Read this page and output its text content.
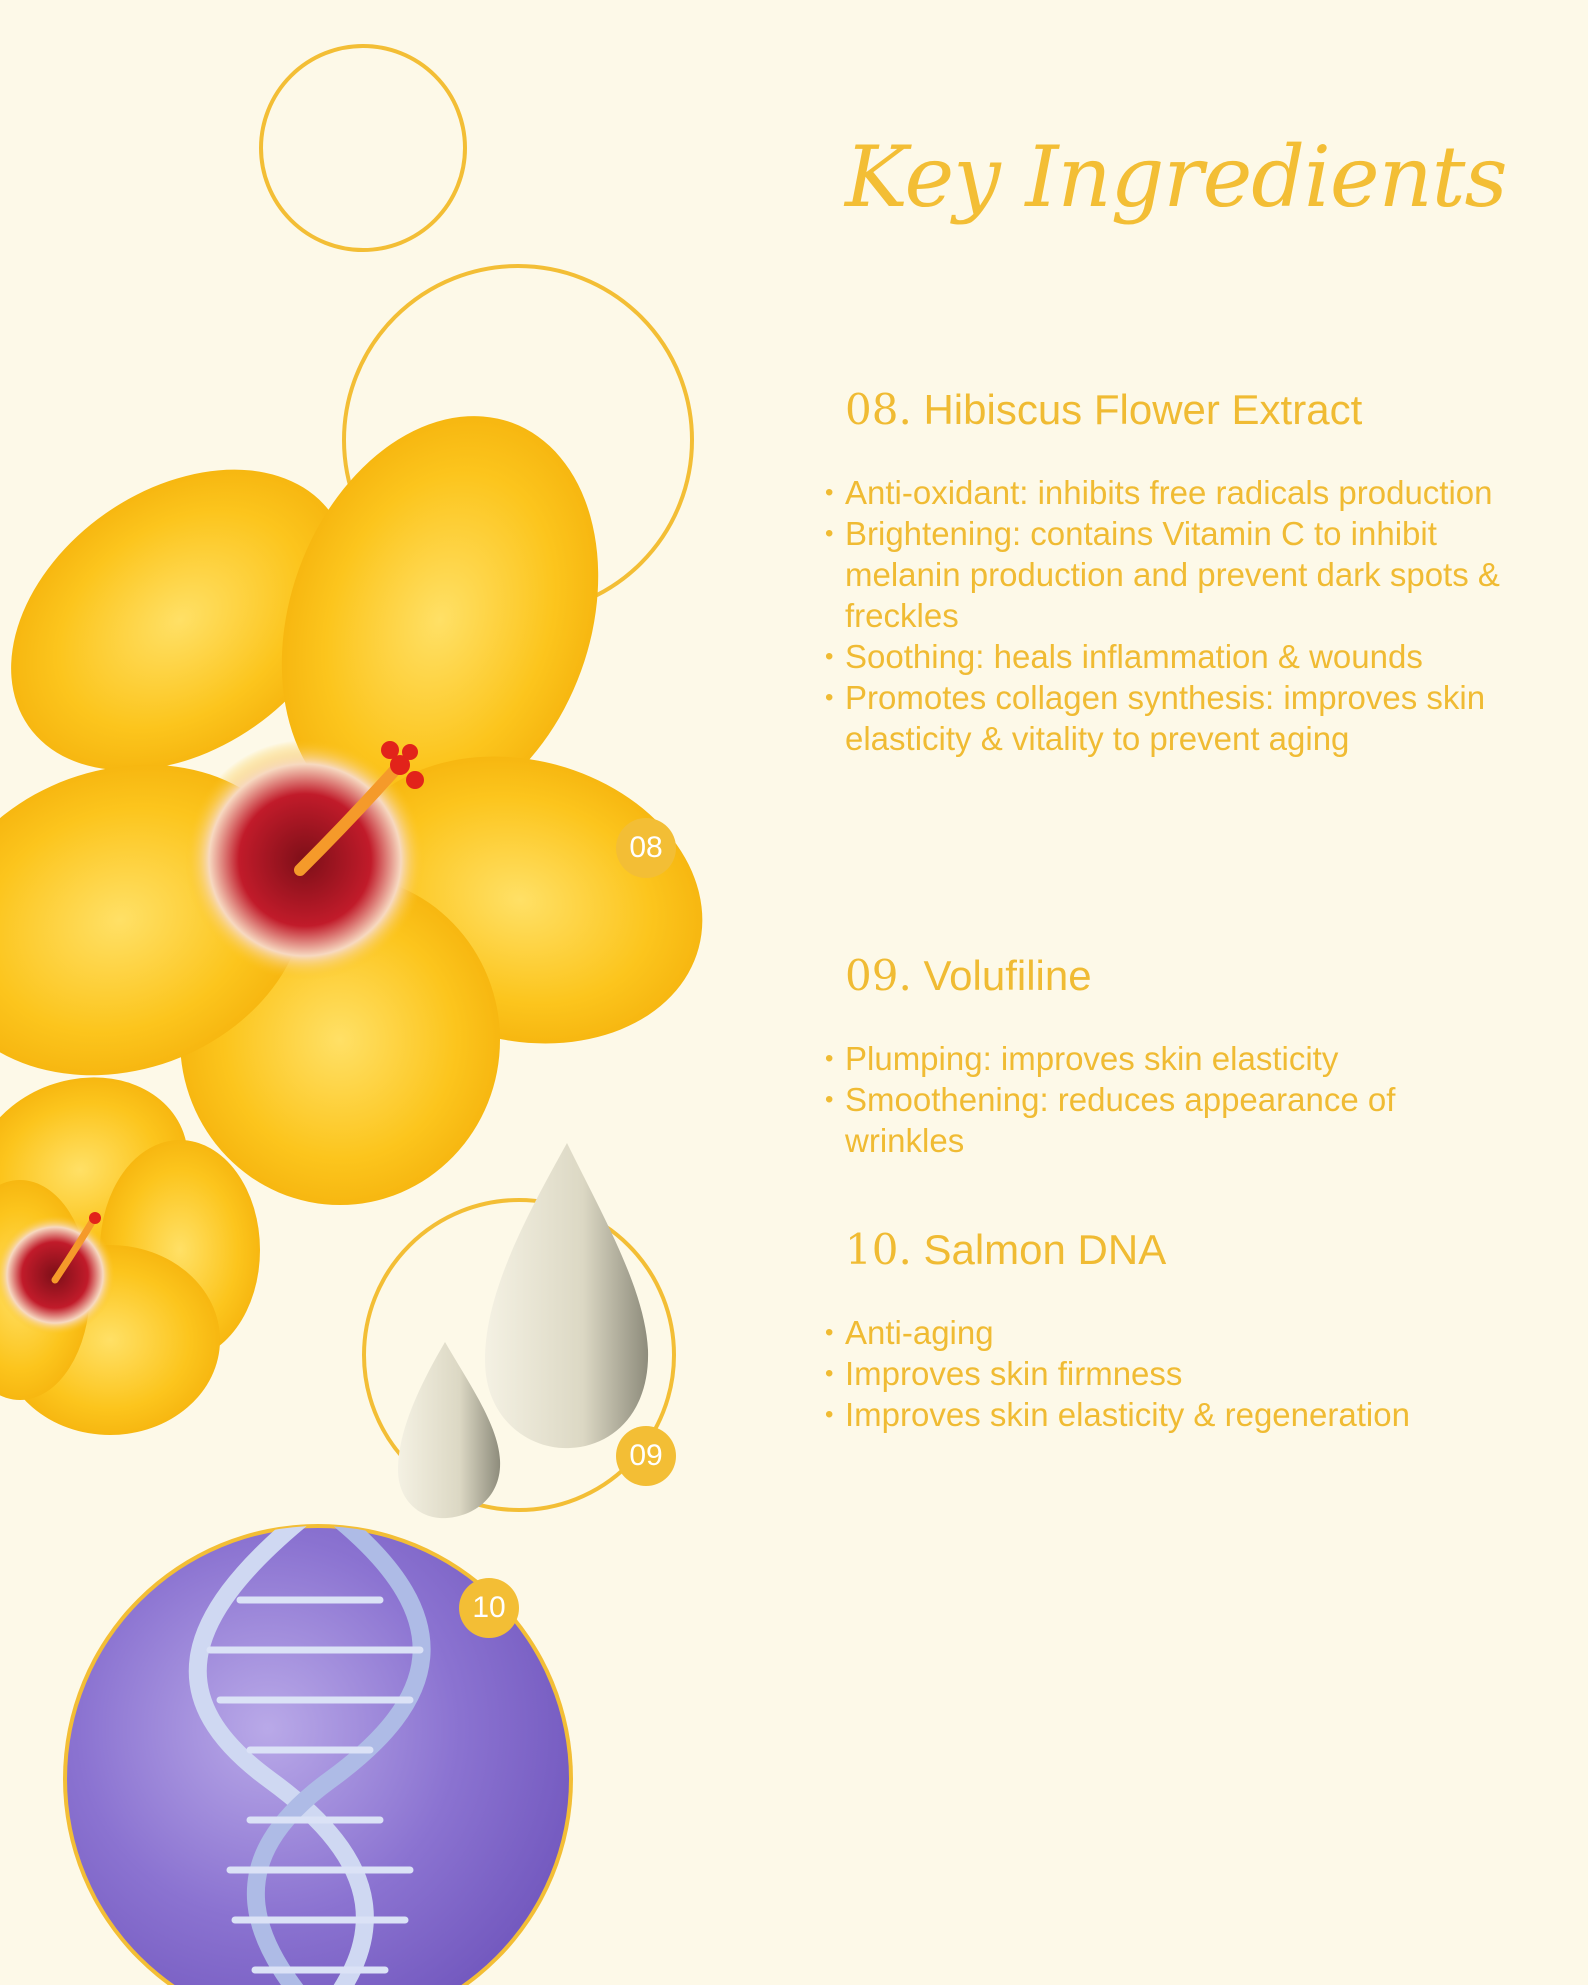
08
09
10
Key Ingredients
08. Hibiscus Flower Extract
• Anti-oxidant: inhibits free radicals production
• Brightening: contains Vitamin C to inhibit melanin production and prevent dark spots & freckles
• Soothing: heals inflammation & wounds
• Promotes collagen synthesis: improves skin elasticity & vitality to prevent aging
09. Volufiline
• Plumping: improves skin elasticity
• Smoothening: reduces appearance of wrinkles
10. Salmon DNA
• Anti-aging
• Improves skin firmness
• Improves skin elasticity & regeneration
